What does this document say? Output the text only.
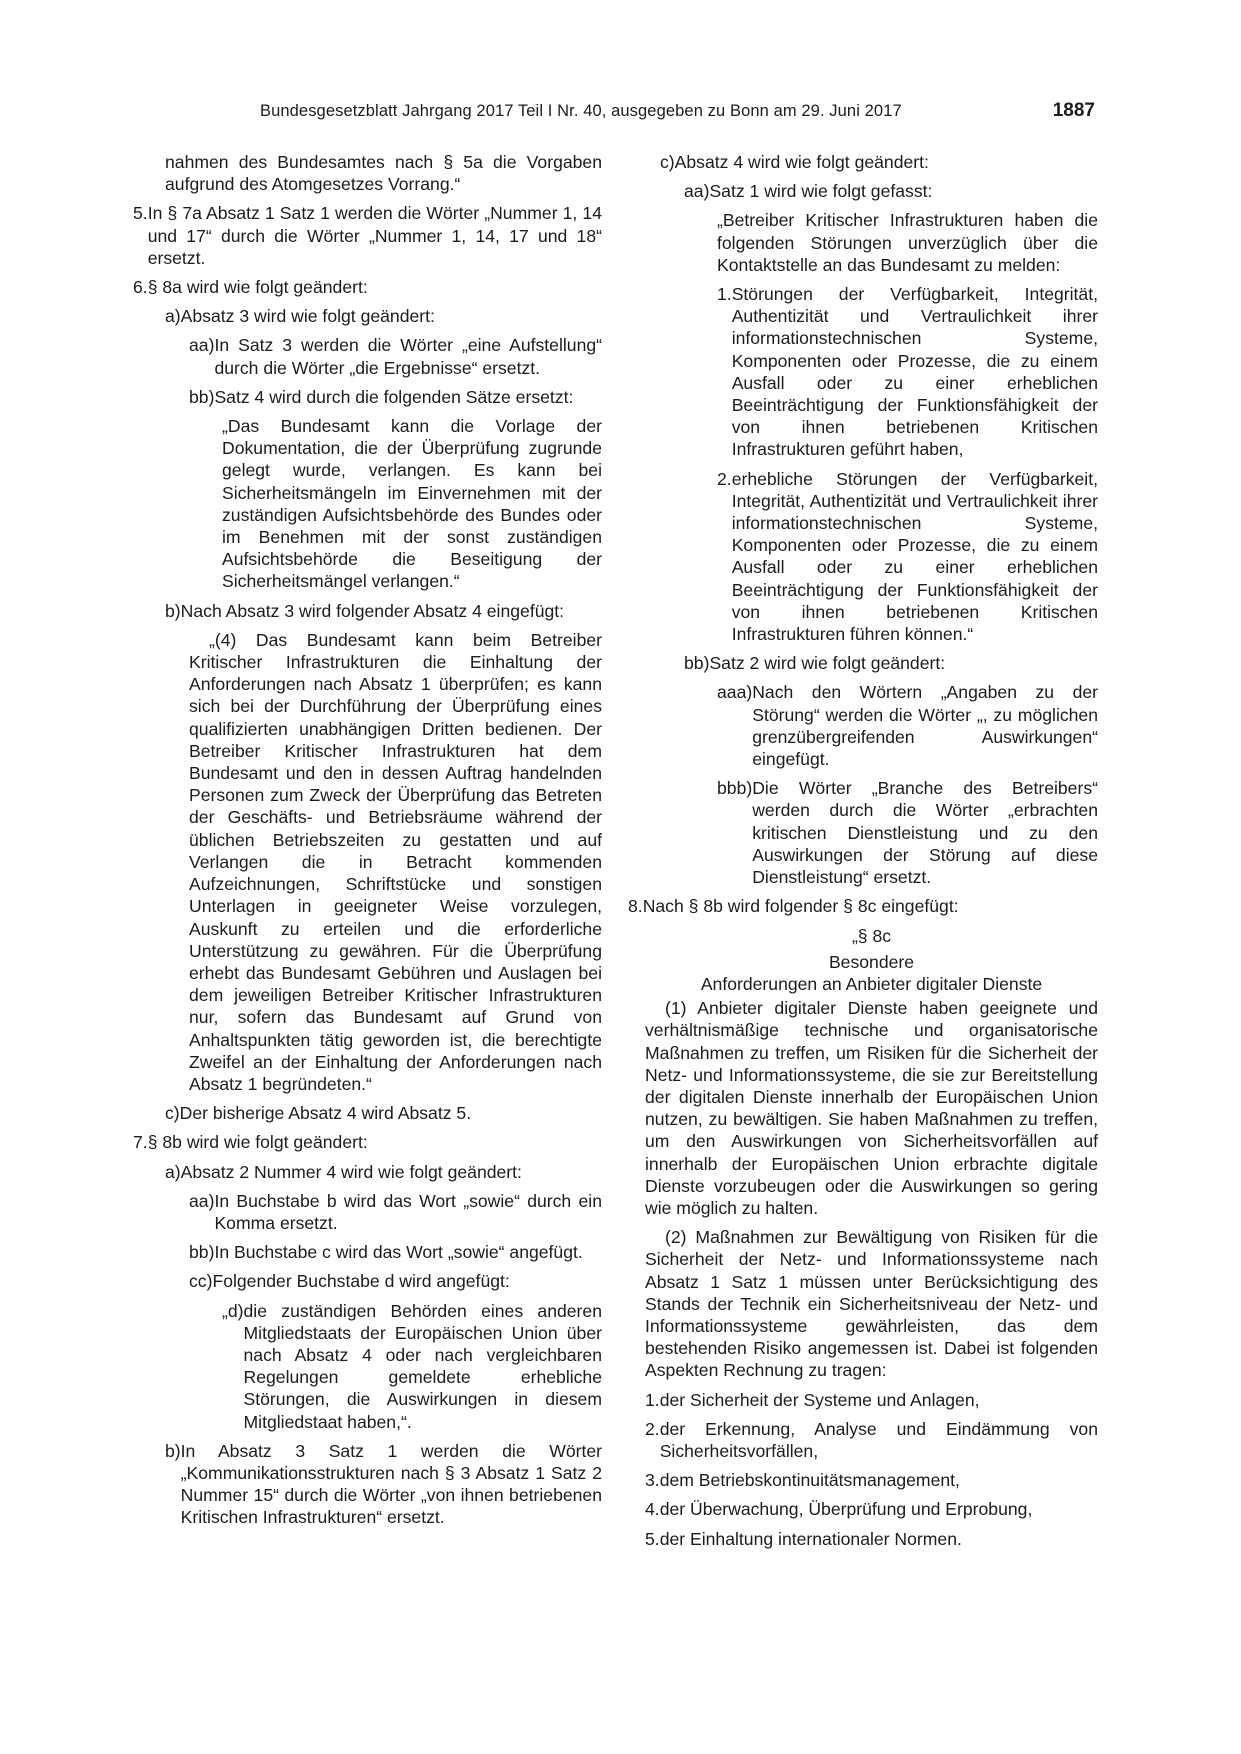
Bundesgesetzblatt Jahrgang 2017 Teil I Nr. 40, ausgegeben zu Bonn am 29. Juni 2017	1887

nahmen des Bundesamtes nach § 5a die Vorgaben aufgrund des Atomgesetzes Vorrang.“

5. In § 7a Absatz 1 Satz 1 werden die Wörter „Nummer 1, 14 und 17“ durch die Wörter „Nummer 1, 14, 17 und 18“ ersetzt.
6. § 8a wird wie folgt geändert:
a) Absatz 3 wird wie folgt geändert:
aa) In Satz 3 werden die Wörter „eine Aufstellung“ durch die Wörter „die Ergebnisse“ ersetzt.
bb) Satz 4 wird durch die folgenden Sätze ersetzt:

„Das Bundesamt kann die Vorlage der Dokumentation, die der Überprüfung zugrunde gelegt wurde, verlangen. Es kann bei Sicherheitsmängeln im Einvernehmen mit der zuständigen Aufsichtsbehörde des Bundes oder im Benehmen mit der sonst zuständigen Aufsichtsbehörde die Beseitigung der Sicherheitsmängel verlangen.“

b) Nach Absatz 3 wird folgender Absatz 4 eingefügt:

„(4) Das Bundesamt kann beim Betreiber Kritischer Infrastrukturen die Einhaltung der Anforderungen nach Absatz 1 überprüfen; es kann sich bei der Durchführung der Überprüfung eines qualifizierten unabhängigen Dritten bedienen. Der Betreiber Kritischer Infrastrukturen hat dem Bundesamt und den in dessen Auftrag handelnden Personen zum Zweck der Überprüfung das Betreten der Geschäfts- und Betriebsräume während der üblichen Betriebszeiten zu gestatten und auf Verlangen die in Betracht kommenden Aufzeichnungen, Schriftstücke und sonstigen Unterlagen in geeigneter Weise vorzulegen, Auskunft zu erteilen und die erforderliche Unterstützung zu gewähren. Für die Überprüfung erhebt das Bundesamt Gebühren und Auslagen bei dem jeweiligen Betreiber Kritischer Infrastrukturen nur, sofern das Bundesamt auf Grund von Anhaltspunkten tätig geworden ist, die berechtigte Zweifel an der Einhaltung der Anforderungen nach Absatz 1 begründeten.“

c) Der bisherige Absatz 4 wird Absatz 5.
7. § 8b wird wie folgt geändert:
a) Absatz 2 Nummer 4 wird wie folgt geändert:
aa) In Buchstabe b wird das Wort „sowie“ durch ein Komma ersetzt.
bb) In Buchstabe c wird das Wort „sowie“ angefügt.
cc) Folgender Buchstabe d wird angefügt:
„d) die zuständigen Behörden eines anderen Mitgliedstaats der Europäischen Union über nach Absatz 4 oder nach vergleichbaren Regelungen gemeldete erhebliche Störungen, die Auswirkungen in diesem Mitgliedstaat haben,“.
b) In Absatz 3 Satz 1 werden die Wörter „Kommunikationsstrukturen nach § 3 Absatz 1 Satz 2 Nummer 15“ durch die Wörter „von ihnen betriebenen Kritischen Infrastrukturen“ ersetzt.
c) Absatz 4 wird wie folgt geändert:
aa) Satz 1 wird wie folgt gefasst:

„Betreiber Kritischer Infrastrukturen haben die folgenden Störungen unverzüglich über die Kontaktstelle an das Bundesamt zu melden:

1. Störungen der Verfügbarkeit, Integrität, Authentizität und Vertraulichkeit ihrer informationstechnischen Systeme, Komponenten oder Prozesse, die zu einem Ausfall oder zu einer erheblichen Beeinträchtigung der Funktionsfähigkeit der von ihnen betriebenen Kritischen Infrastrukturen geführt haben,
2. erhebliche Störungen der Verfügbarkeit, Integrität, Authentizität und Vertraulichkeit ihrer informationstechnischen Systeme, Komponenten oder Prozesse, die zu einem Ausfall oder zu einer erheblichen Beeinträchtigung der Funktionsfähigkeit der von ihnen betriebenen Kritischen Infrastrukturen führen können.“
bb) Satz 2 wird wie folgt geändert:
aaa) Nach den Wörtern „Angaben zu der Störung“ werden die Wörter „, zu möglichen grenzübergreifenden Auswirkungen“ eingefügt.
bbb) Die Wörter „Branche des Betreibers“ werden durch die Wörter „erbrachten kritischen Dienstleistung und zu den Auswirkungen der Störung auf diese Dienstleistung“ ersetzt.
8. Nach § 8b wird folgender § 8c eingefügt:
„§ 8c
Besondere
Anforderungen an Anbieter digitaler Dienste

(1) Anbieter digitaler Dienste haben geeignete und verhältnismäßige technische und organisatorische Maßnahmen zu treffen, um Risiken für die Sicherheit der Netz- und Informationssysteme, die sie zur Bereitstellung der digitalen Dienste innerhalb der Europäischen Union nutzen, zu bewältigen. Sie haben Maßnahmen zu treffen, um den Auswirkungen von Sicherheitsvorfällen auf innerhalb der Europäischen Union erbrachte digitale Dienste vorzubeugen oder die Auswirkungen so gering wie möglich zu halten.

(2) Maßnahmen zur Bewältigung von Risiken für die Sicherheit der Netz- und Informationssysteme nach Absatz 1 Satz 1 müssen unter Berücksichtigung des Stands der Technik ein Sicherheitsniveau der Netz- und Informationssysteme gewährleisten, das dem bestehenden Risiko angemessen ist. Dabei ist folgenden Aspekten Rechnung zu tragen:

1. der Sicherheit der Systeme und Anlagen,
2. der Erkennung, Analyse und Eindämmung von Sicherheitsvorfällen,
3. dem Betriebskontinuitätsmanagement,
4. der Überwachung, Überprüfung und Erprobung,
5. der Einhaltung internationaler Normen.
